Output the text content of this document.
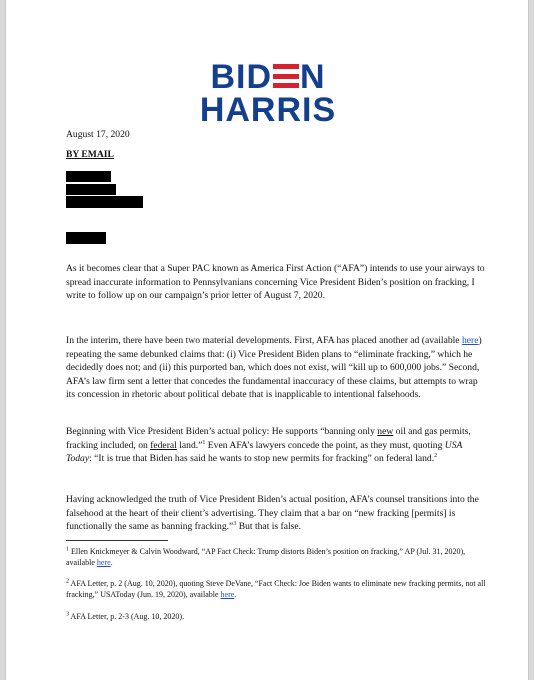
BID N
HARRIS
August 17, 2020
BY EMAIL
As it becomes clear that a Super PAC known as America First Action (“AFA”) intends to use your airways to spread inaccurate information to Pennsylvanians concerning Vice President Biden’s position on fracking, I write to follow up on our campaign’s prior letter of August 7, 2020.
In the interim, there have been two material developments. First, AFA has placed another ad (available here) repeating the same debunked claims that: (i) Vice President Biden plans to “eliminate fracking,” which he decidedly does not; and (ii) this purported ban, which does not exist, will “kill up to 600,000 jobs.” Second, AFA’s law firm sent a letter that concedes the fundamental inaccuracy of these claims, but attempts to wrap its concession in rhetoric about political debate that is inapplicable to intentional falsehoods.
Beginning with Vice President Biden’s actual policy: He supports “banning only new oil and gas permits, fracking included, on federal land.”$^1$ Even AFA’s lawyers concede the point, as they must, quoting USA Today: “It is true that Biden has said he wants to stop new permits for fracking” on federal land.$^2$
Having acknowledged the truth of Vice President Biden’s actual position, AFA’s counsel transitions into the falsehood at the heart of their client’s advertising. They claim that a bar on “new fracking [permits] is functionally the same as banning fracking.”$^3$ But that is false.
$^1$ Ellen Knickmeyer & Calvin Woodward, “AP Fact Check: Trump distorts Biden’s position on fracking,” AP (Jul. 31, 2020), available here.
$^2$ AFA Letter, p. 2 (Aug. 10, 2020), quoting Steve DeVane, “Fact Check: Joe Biden wants to eliminate new fracking permits, not all fracking,” USAToday (Jun. 19, 2020), available here.
$^3$ AFA Letter, p. 2-3 (Aug. 10, 2020).
